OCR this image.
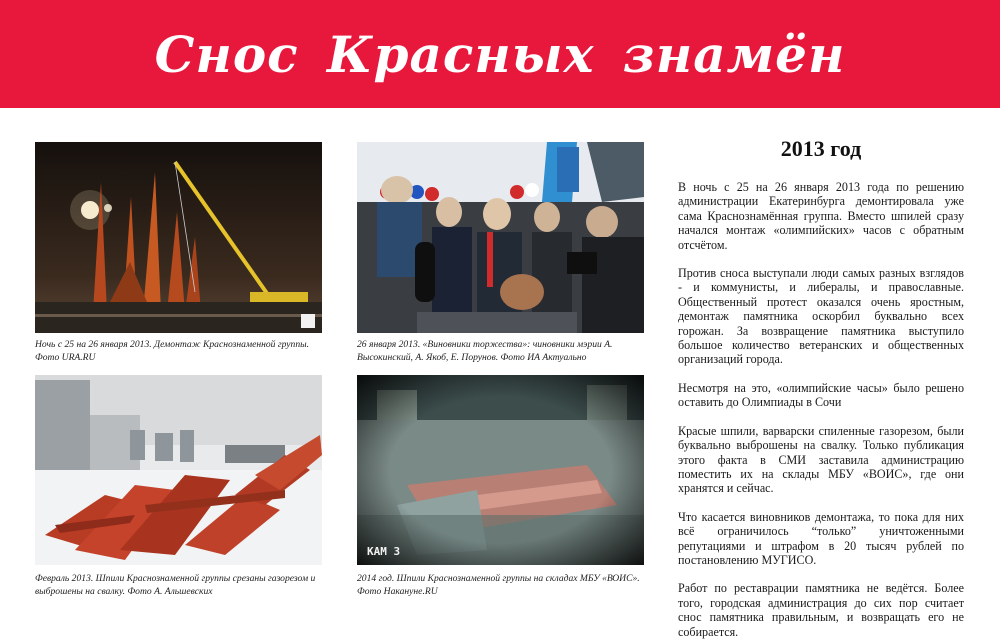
Снос Красных знамён
Ночь с 25 на 26 января 2013. Демонтаж Краснознаменной группы. Фото URA.RU
26 января 2013. «Виновники торжества»: чиновники мэрии А. Высокинский, А. Якоб, Е. Порунов. Фото ИА Актуально
Февраль 2013. Шпили Краснознаменной группы срезаны газорезом и выброшены на свалку. Фото А. Альшевских
КАМ 3
2014 год. Шпили Краснознаменной группы на складах МБУ «ВОИС». Фото Накануне.RU
2013 год

В ночь с 25 на 26 января 2013 года по решению администрации Екатеринбурга демонтировала уже сама Краснознамённая группа. Вместо шпилей сразу начался монтаж «олимпийских» часов с обратным отсчётом.

Против сноса выступали люди самых разных взглядов - и коммунисты, и либералы, и православные. Общественный протест оказался очень яростным, демонтаж памятника оскорбил буквально всех горожан. За возвращение памятника выступило большое количество ветеранских и общественных организаций города.

Несмотря на это, «олимпийские часы» было решено оставить до Олимпиады в Сочи

Красые шпили, варварски спиленные газорезом, были буквально выброшены на свалку. Только публикация этого факта в СМИ заставила администрацию поместить их на склады МБУ «ВОИС», где они хранятся и сейчас.

Что касается виновников демонтажа, то пока для них всё ограничилось “только” уничтоженными репутациями и штрафом в 20 тысяч рублей по постановлению МУГИСО.

Работ по реставрации памятника не ведётся. Более того, городская администрация до сих пор считает снос памятника правильным, и возвращать его не собирается.
